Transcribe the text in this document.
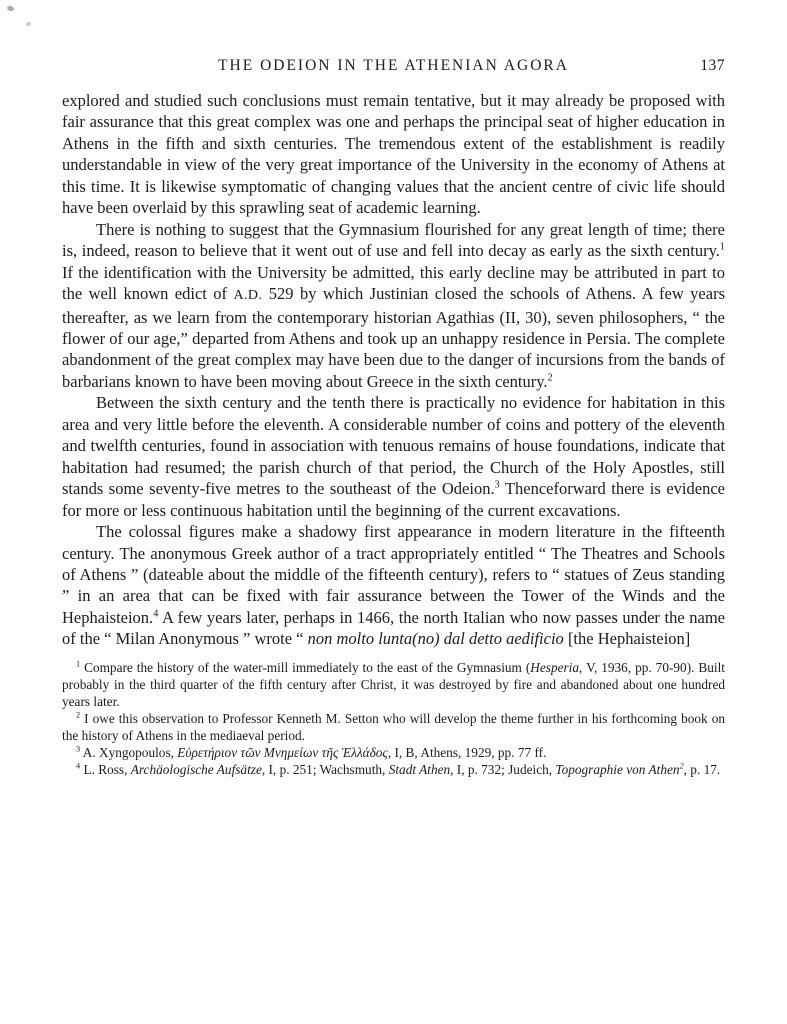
THE ODEION IN THE ATHENIAN AGORA	137

explored and studied such conclusions must remain tentative, but it may already be proposed with fair assurance that this great complex was one and perhaps the principal seat of higher education in Athens in the fifth and sixth centuries. The tremendous extent of the establishment is readily understandable in view of the very great importance of the University in the economy of Athens at this time. It is likewise symptomatic of changing values that the ancient centre of civic life should have been overlaid by this sprawling seat of academic learning.

There is nothing to suggest that the Gymnasium flourished for any great length of time; there is, indeed, reason to believe that it went out of use and fell into decay as early as the sixth century.$^1$ If the identification with the University be admitted, this early decline may be attributed in part to the well known edict of A.D. 529 by which Justinian closed the schools of Athens. A few years thereafter, as we learn from the contemporary historian Agathias (II, 30), seven philosophers, “ the flower of our age,” departed from Athens and took up an unhappy residence in Persia. The complete abandonment of the great complex may have been due to the danger of incursions from the bands of barbarians known to have been moving about Greece in the sixth century.$^2$

Between the sixth century and the tenth there is practically no evidence for habitation in this area and very little before the eleventh. A considerable number of coins and pottery of the eleventh and twelfth centuries, found in association with tenuous remains of house foundations, indicate that habitation had resumed; the parish church of that period, the Church of the Holy Apostles, still stands some seventy-five metres to the southeast of the Odeion.$^3$ Thenceforward there is evidence for more or less continuous habitation until the beginning of the current excavations.

The colossal figures make a shadowy first appearance in modern literature in the fifteenth century. The anonymous Greek author of a tract appropriately entitled “ The Theatres and Schools of Athens ” (dateable about the middle of the fifteenth century), refers to “ statues of Zeus standing ” in an area that can be fixed with fair assurance between the Tower of the Winds and the Hephaisteion.$^4$ A few years later, perhaps in 1466, the north Italian who now passes under the name of the “ Milan Anonymous ” wrote “ non molto lunta(no) dal detto aedificio [the Hephaisteion]

$^1$ Compare the history of the water-mill immediately to the east of the Gymnasium (Hesperia, V, 1936, pp. 70-90). Built probably in the third quarter of the fifth century after Christ, it was destroyed by fire and abandoned about one hundred years later.

$^2$ I owe this observation to Professor Kenneth M. Setton who will develop the theme further in his forthcoming book on the history of Athens in the mediaeval period.

$^3$ A. Xyngopoulos, Εὑρετήριον τῶν Μνημείων τῆς Ἑλλάδος, I, B, Athens, 1929, pp. 77 ff.

$^4$ L. Ross, Archäologische Aufsätze, I, p. 251; Wachsmuth, Stadt Athen, I, p. 732; Judeich, Topographie von Athen$^2$, p. 17.
